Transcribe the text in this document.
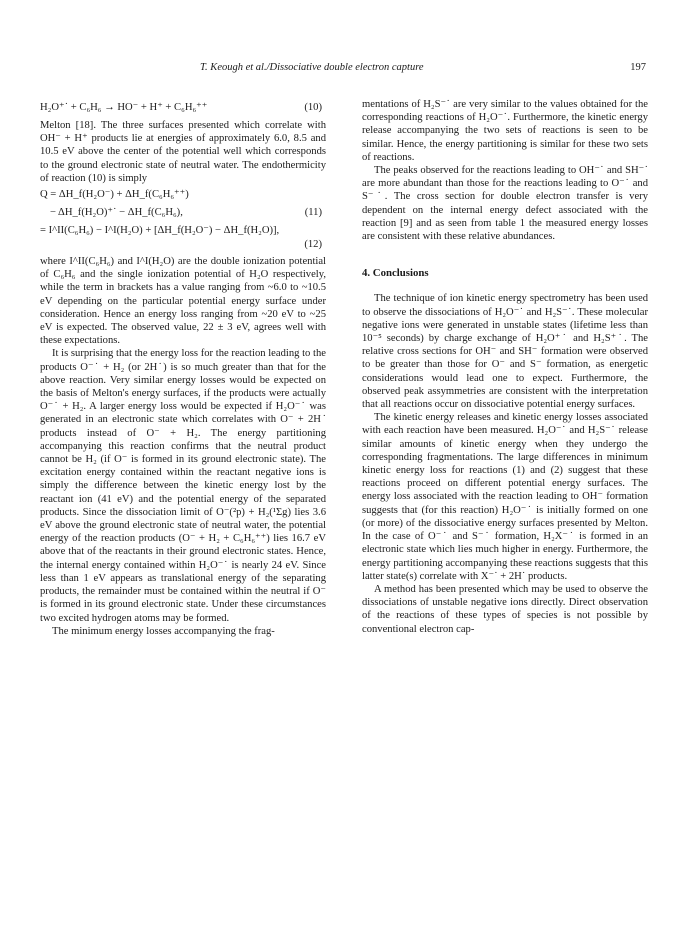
T. Keough et al./Dissociative double electron capture	197
H₂O⁺˙ + C₆H₆ → HO⁻ + H⁺ + C₆H₆⁺⁺	(10)

Melton [18]. The three surfaces presented which correlate with OH⁻ + H⁺ products lie at energies of approximately 6.0, 8.5 and 10.5 eV above the center of the potential well which corresponds to the ground electronic state of neutral water. The endothermicity of reaction (10) is simply

Q = ΔH_f(H₂O⁻) + ΔH_f(C₆H₆⁺⁺)
− ΔH_f(H₂O)⁺˙ − ΔH_f(C₆H₆),	(11)
= I^II(C₆H₆) − I^I(H₂O) + [ΔH_f(H₂O⁻) − ΔH_f(H₂O)],
(12)

where I^II(C₆H₆) and I^I(H₂O) are the double ionization potential of C₆H₆ and the single ionization potential of H₂O respectively, while the term in brackets has a value ranging from ~6.0 to ~10.5 eV depending on the particular potential energy surface under consideration. Hence an energy loss ranging from ~20 eV to ~25 eV is expected. The observed value, 22 ± 3 eV, agrees well with these expectations.

It is surprising that the energy loss for the reaction leading to the products O⁻˙ + H₂ (or 2H˙) is so much greater than that for the above reaction. Very similar energy losses would be expected on the basis of Melton's energy surfaces, if the products were actually O⁻˙ + H₂. A larger energy loss would be expected if H₂O⁻˙ was generated in an electronic state which correlates with O⁻ + 2H˙ products instead of O⁻ + H₂. The energy partitioning accompanying this reaction confirms that the neutral product cannot be H₂ (if O⁻ is formed in its ground electronic state). The excitation energy contained within the reactant negative ions is simply the difference between the kinetic energy lost by the reactant ion (41 eV) and the potential energy of the separated products. Since the dissociation limit of O⁻(²p) + H₂(¹Σg) lies 3.6 eV above the ground electronic state of neutral water, the potential energy of the reaction products (O⁻ + H₂ + C₆H₆⁺⁺) lies 16.7 eV above that of the reactants in their ground electronic states. Hence, the internal energy contained within H₂O⁻˙ is nearly 24 eV. Since less than 1 eV appears as translational energy of the separating products, the remainder must be contained within the neutral if O⁻ is formed in its ground electronic state. Under these circumstances two excited hydrogen atoms may be formed.

The minimum energy losses accompanying the frag-

mentations of H₂S⁻˙ are very similar to the values obtained for the corresponding reactions of H₂O⁻˙. Furthermore, the kinetic energy release accompanying the two sets of reactions is seen to be similar. Hence, the energy partitioning is similar for these two sets of reactions.

The peaks observed for the reactions leading to OH⁻˙ and SH⁻˙ are more abundant than those for the reactions leading to O⁻˙ and S⁻˙. The cross section for double electron transfer is very dependent on the internal energy defect associated with the reaction [9] and as seen from table 1 the measured energy losses are consistent with these relative abundances.

4. Conclusions

The technique of ion kinetic energy spectrometry has been used to observe the dissociations of H₂O⁻˙ and H₂S⁻˙. These molecular negative ions were generated in unstable states (lifetime less than 10⁻⁵ seconds) by charge exchange of H₂O⁺˙ and H₂S⁺˙. The relative cross sections for OH⁻ and SH⁻ formation were observed to be greater than those for O⁻ and S⁻ formation, as energetic considerations would lead one to expect. Furthermore, the observed peak assymmetries are consistent with the interpretation that all reactions occur on dissociative potential energy surfaces.

The kinetic energy releases and kinetic energy losses associated with each reaction have been measured. H₂O⁻˙ and H₂S⁻˙ release similar amounts of kinetic energy when they undergo the corresponding fragmentations. The large differences in minimum kinetic energy loss for reactions (1) and (2) suggest that these reactions proceed on different potential energy surfaces. The energy loss associated with the reaction leading to OH⁻ formation suggests that (for this reaction) H₂O⁻˙ is initially formed on one (or more) of the dissociative energy surfaces presented by Melton. In the case of O⁻˙ and S⁻˙ formation, H₂X⁻˙ is formed in an electronic state which lies much higher in energy. Furthermore, the energy partitioning accompanying these reactions suggests that this latter state(s) correlate with X⁻˙ + 2H˙ products.

A method has been presented which may be used to observe the dissociations of unstable negative ions directly. Direct observation of the reactions of these types of species is not possible by conventional electron cap-
